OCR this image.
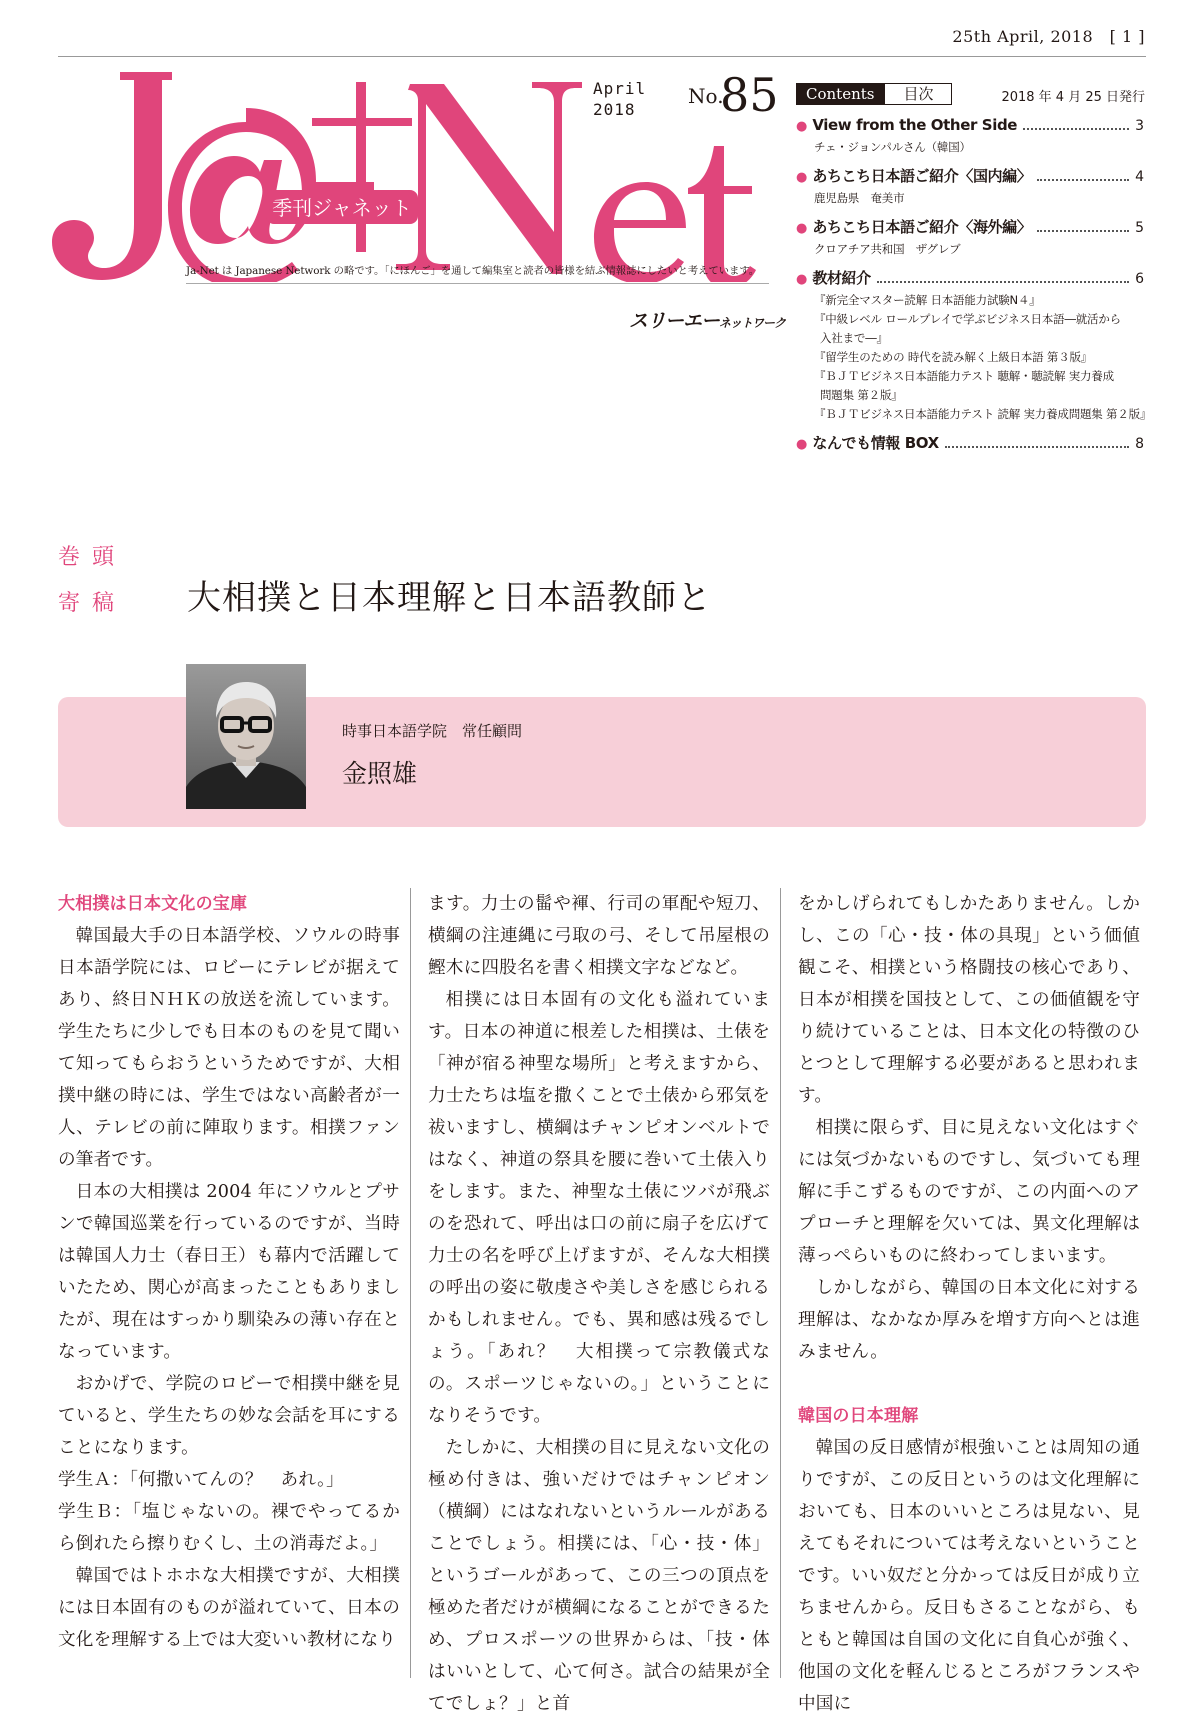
25th April, 2018　[ 1 ]
季刊ジャネット
April
2018
No.
85
Ja-Net は Japanese Network の略です。「にほんご」を通して編集室と読者の皆様を結ぶ情報誌にしたいと考えています。
スリーエーネットワーク
Contents	目次	2018 年 4 月 25 日発行
● View from the Other Side	3
チェ・ジョンパルさん（韓国）
● あちこち日本語ご紹介〈国内編〉	4
鹿児島県　奄美市
● あちこち日本語ご紹介〈海外編〉	5
クロアチア共和国　ザグレブ
● 教材紹介	6
『新完全マスター読解 日本語能力試験N４』
『中級レベル ロールプレイで学ぶビジネス日本語―就活から
入社まで―』
『留学生のための 時代を読み解く上級日本語 第３版』
『ＢＪＴビジネス日本語能力テスト 聴解・聴読解 実力養成
問題集 第２版』
『ＢＪＴビジネス日本語能力テスト 読解 実力養成問題集 第２版』
● なんでも情報 BOX	8
巻頭
寄稿 大相撲と日本理解と日本語教師と
時事日本語学院　常任顧問
金照雄

大相撲は日本文化の宝庫

韓国最大手の日本語学校、ソウルの時事日本語学院には、ロビーにテレビが据えてあり、終日ＮＨＫの放送を流しています。学生たちに少しでも日本のものを見て聞いて知ってもらおうというためですが、大相撲中継の時には、学生ではない高齢者が一人、テレビの前に陣取ります。相撲ファンの筆者です。

日本の大相撲は 2004 年にソウルとプサンで韓国巡業を行っているのですが、当時は韓国人力士（春日王）も幕内で活躍していたため、関心が高まったこともありましたが、現在はすっかり馴染みの薄い存在となっています。

おかげで、学院のロビーで相撲中継を見ていると、学生たちの妙な会話を耳にすることになります。

学生Ａ：「何撒いてんの？　あれ。」

学生Ｂ：「塩じゃないの。裸でやってるから倒れたら擦りむくし、土の消毒だよ。」

韓国ではトホホな大相撲ですが、大相撲には日本固有のものが溢れていて、日本の文化を理解する上では大変いい教材になり

ます。力士の髷や褌、行司の軍配や短刀、横綱の注連縄に弓取の弓、そして吊屋根の鰹木に四股名を書く相撲文字などなど。

相撲には日本固有の文化も溢れています。日本の神道に根差した相撲は、土俵を「神が宿る神聖な場所」と考えますから、力士たちは塩を撒くことで土俵から邪気を祓いますし、横綱はチャンピオンベルトではなく、神道の祭具を腰に巻いて土俵入りをします。また、神聖な土俵にツバが飛ぶのを恐れて、呼出は口の前に扇子を広げて力士の名を呼び上げますが、そんな大相撲の呼出の姿に敬虔さや美しさを感じられるかもしれません。でも、異和感は残るでしょう。「あれ？　大相撲って宗教儀式なの。スポーツじゃないの。」ということになりそうです。

たしかに、大相撲の目に見えない文化の極め付きは、強いだけではチャンピオン（横綱）にはなれないというルールがあることでしょう。相撲には、「心・技・体」というゴールがあって、この三つの頂点を極めた者だけが横綱になることができるため、プロスポーツの世界からは、「技・体はいいとして、心て何さ。試合の結果が全てでしょ？」と首

をかしげられてもしかたありません。しかし、この「心・技・体の具現」という価値観こそ、相撲という格闘技の核心であり、日本が相撲を国技として、この価値観を守り続けていることは、日本文化の特徴のひとつとして理解する必要があると思われます。

相撲に限らず、目に見えない文化はすぐには気づかないものですし、気づいても理解に手こずるものですが、この内面へのアプローチと理解を欠いては、異文化理解は薄っぺらいものに終わってしまいます。

しかしながら、韓国の日本文化に対する理解は、なかなか厚みを増す方向へとは進みません。

韓国の日本理解

韓国の反日感情が根強いことは周知の通りですが、この反日というのは文化理解においても、日本のいいところは見ない、見えてもそれについては考えないということです。いい奴だと分かっては反日が成り立ちませんから。反日もさることながら、もともと韓国は自国の文化に自負心が強く、他国の文化を軽んじるところがフランスや中国に
